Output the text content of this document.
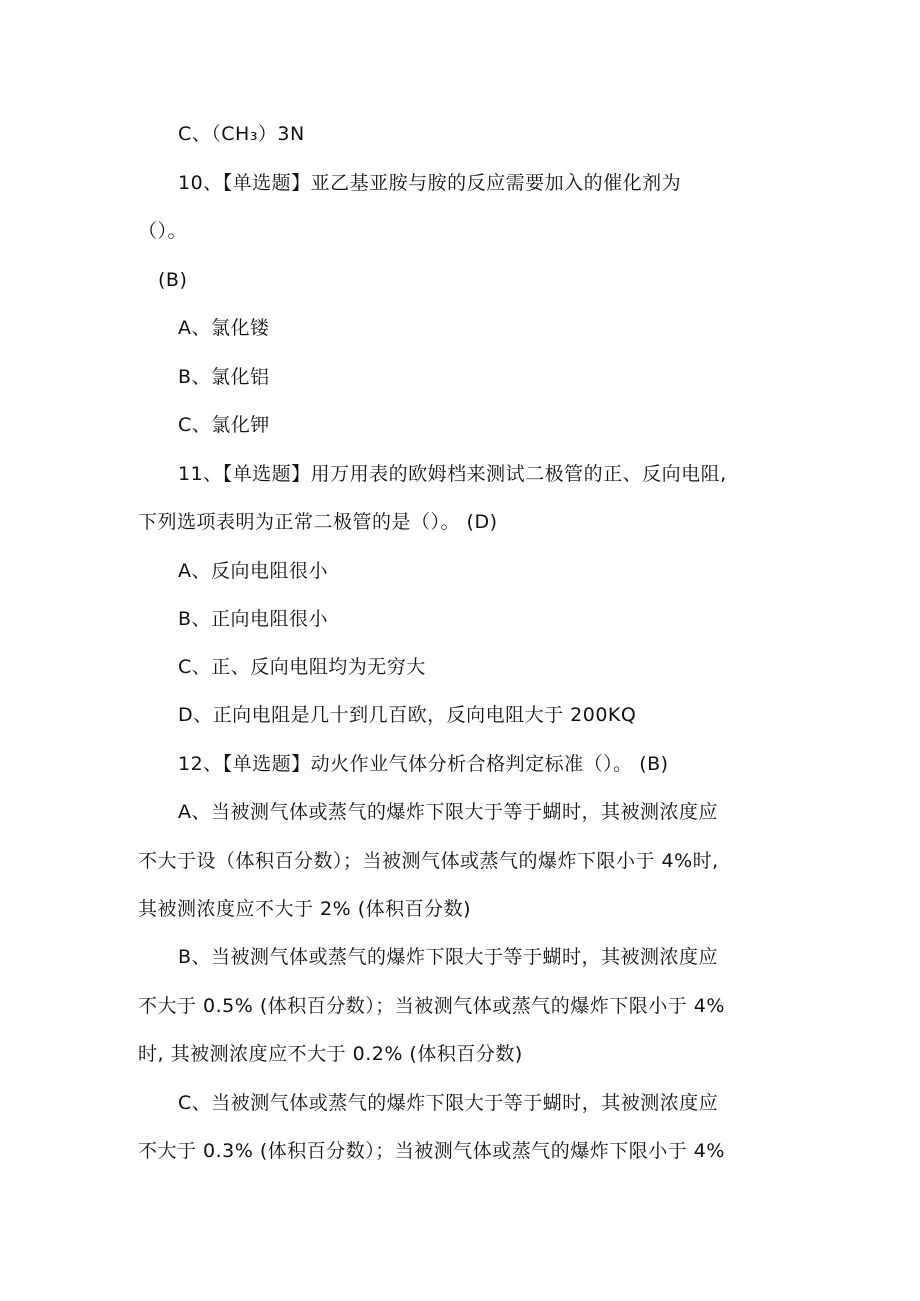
C、（CH₃）3N
10、【单选题】亚乙基亚胺与胺的反应需要加入的催化剂为
（）。
(B)
A、氯化镂
B、氯化铝
C、氯化钾
11、【单选题】用万用表的欧姆档来测试二极管的正、反向电阻,
下列选项表明为正常二极管的是（）。 (D)
A、反向电阻很小
B、正向电阻很小
C、正、反向电阻均为无穷大
D、正向电阻是几十到几百欧，反向电阻大于 200KQ
12、【单选题】动火作业气体分析合格判定标准（）。 (B)
A、当被测气体或蒸气的爆炸下限大于等于蝴时，其被测浓度应
不大于设（体积百分数）；当被测气体或蒸气的爆炸下限小于 4%时,
其被测浓度应不大于 2% (体积百分数)
B、当被测气体或蒸气的爆炸下限大于等于蝴时，其被测浓度应
不大于 0.5% (体积百分数）；当被测气体或蒸气的爆炸下限小于 4%
时, 其被测浓度应不大于 0.2% (体积百分数)
C、当被测气体或蒸气的爆炸下限大于等于蝴时，其被测浓度应
不大于 0.3% (体积百分数）；当被测气体或蒸气的爆炸下限小于 4%
